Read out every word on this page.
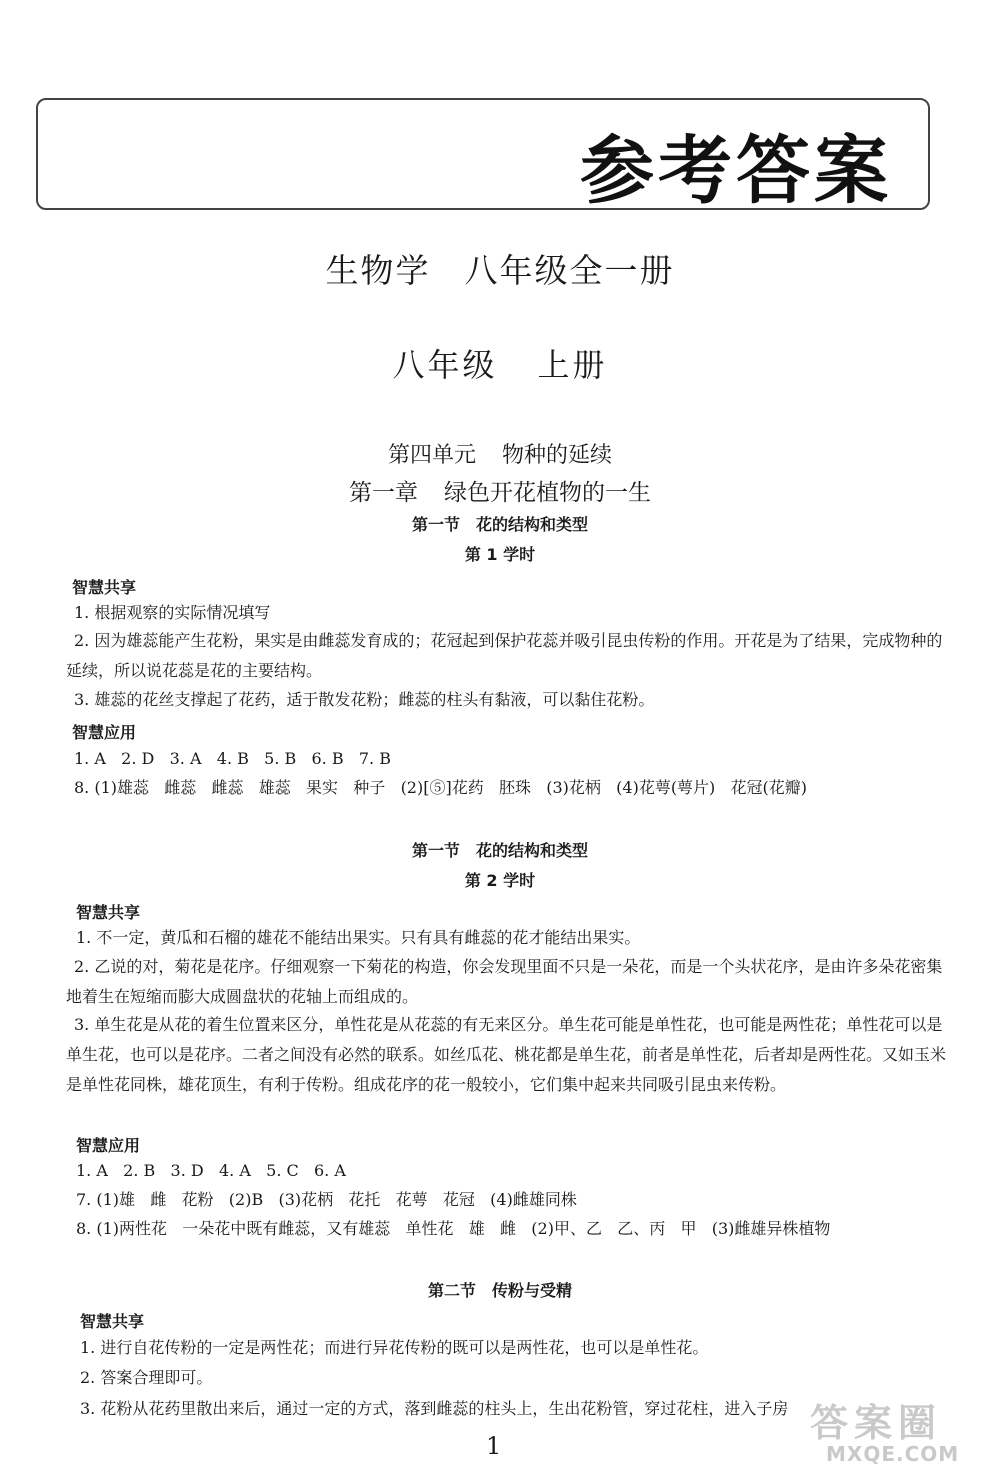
参考答案
生物学 八年级全一册
八年级 上册
第四单元 物种的延续
第一章 绿色开花植物的一生
第一节 花的结构和类型
第 1 学时
智慧共享
1. 根据观察的实际情况填写
2. 因为雄蕊能产生花粉，果实是由雌蕊发育成的；花冠起到保护花蕊并吸引昆虫传粉的作用。开花是为了结果，完成物种的延续，所以说花蕊是花的主要结构。
3. 雄蕊的花丝支撑起了花药，适于散发花粉；雌蕊的柱头有黏液，可以黏住花粉。
智慧应用
1. A   2. D   3. A   4. B   5. B   6. B   7. B
8. (1)雄蕊   雌蕊   雌蕊   雄蕊   果实   种子   (2)[⑤]花药   胚珠   (3)花柄   (4)花萼(萼片)   花冠(花瓣)
第一节 花的结构和类型
第 2 学时
智慧共享
1. 不一定，黄瓜和石榴的雄花不能结出果实。只有具有雌蕊的花才能结出果实。
2. 乙说的对，菊花是花序。仔细观察一下菊花的构造，你会发现里面不只是一朵花，而是一个头状花序，是由许多朵花密集地着生在短缩而膨大成圆盘状的花轴上而组成的。
3. 单生花是从花的着生位置来区分，单性花是从花蕊的有无来区分。单生花可能是单性花，也可能是两性花；单性花可以是单生花，也可以是花序。二者之间没有必然的联系。如丝瓜花、桃花都是单生花，前者是单性花，后者却是两性花。又如玉米是单性花同株，雄花顶生，有利于传粉。组成花序的花一般较小，它们集中起来共同吸引昆虫来传粉。
智慧应用
1. A   2. B   3. D   4. A   5. C   6. A
7. (1)雄   雌   花粉   (2)B   (3)花柄   花托   花萼   花冠   (4)雌雄同株
8. (1)两性花   一朵花中既有雌蕊，又有雄蕊   单性花   雄   雌   (2)甲、乙   乙、丙   甲   (3)雌雄异株植物
第二节 传粉与受精
智慧共享
1. 进行自花传粉的一定是两性花；而进行异花传粉的既可以是两性花，也可以是单性花。
2. 答案合理即可。
3. 花粉从花药里散出来后，通过一定的方式，落到雌蕊的柱头上，生出花粉管，穿过花柱，进入子房
1
答案圈
MXQE.COM
